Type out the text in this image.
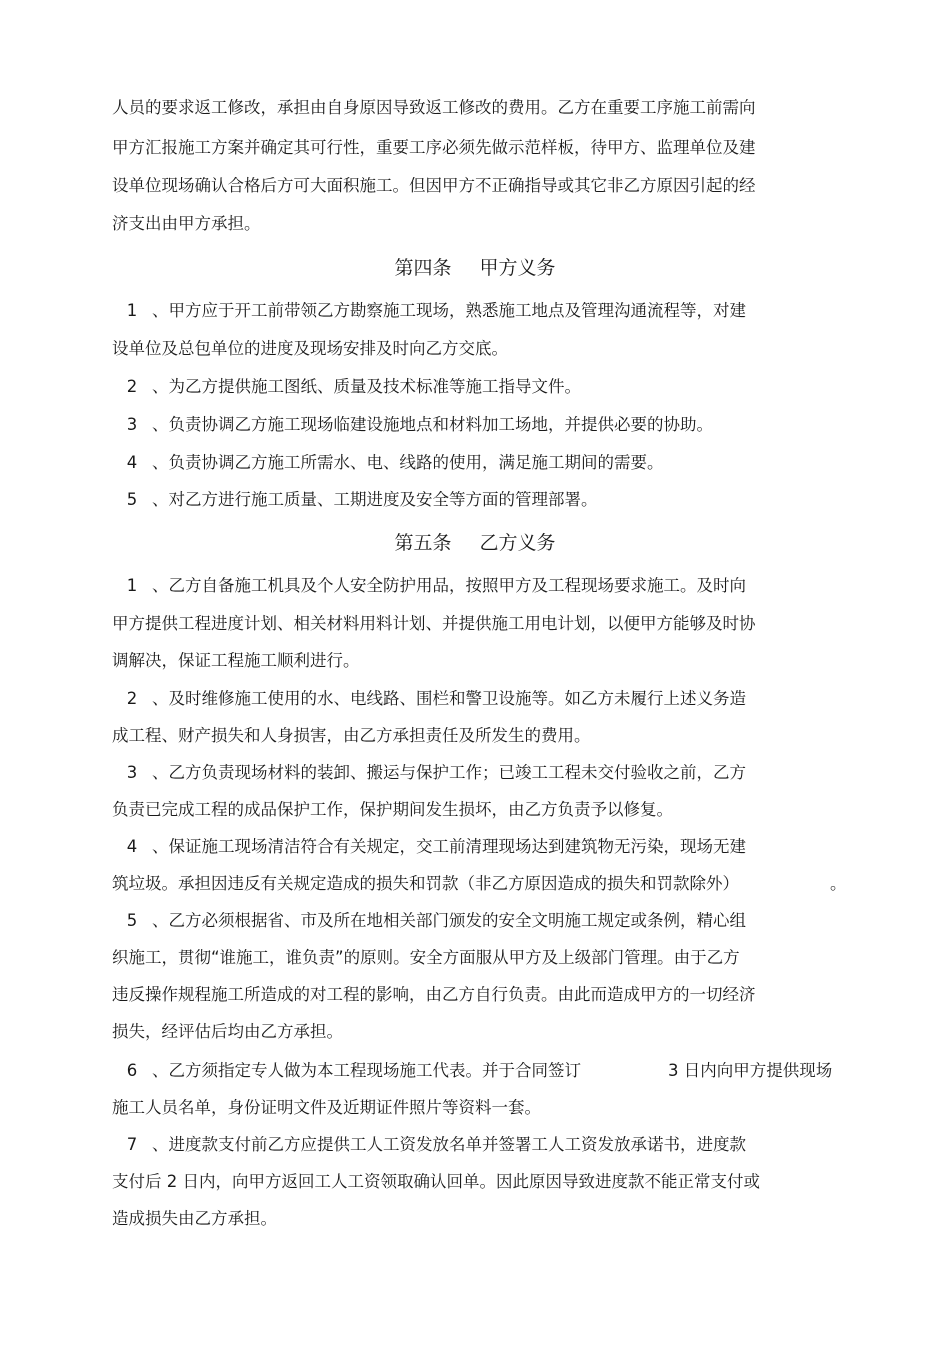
人员的要求返工修改，承担由自身原因导致返工修改的费用。乙方在重要工序施工前需向
甲方汇报施工方案并确定其可行性，重要工序必须先做示范样板，待甲方、监理单位及建
设单位现场确认合格后方可大面积施工。但因甲方不正确指导或其它非乙方原因引起的经
济支出由甲方承担。
第四条 甲方义务
1 、甲方应于开工前带领乙方勘察施工现场，熟悉施工地点及管理沟通流程等，对建
设单位及总包单位的进度及现场安排及时向乙方交底。
2 、为乙方提供施工图纸、质量及技术标准等施工指导文件。
3 、负责协调乙方施工现场临建设施地点和材料加工场地，并提供必要的协助。
4 、负责协调乙方施工所需水、电、线路的使用，满足施工期间的需要。
5 、对乙方进行施工质量、工期进度及安全等方面的管理部署。
第五条 乙方义务
1 、乙方自备施工机具及个人安全防护用品，按照甲方及工程现场要求施工。及时向
甲方提供工程进度计划、相关材料用料计划、并提供施工用电计划，以便甲方能够及时协
调解决，保证工程施工顺利进行。
2 、及时维修施工使用的水、电线路、围栏和警卫设施等。如乙方未履行上述义务造
成工程、财产损失和人身损害，由乙方承担责任及所发生的费用。
3 、乙方负责现场材料的装卸、搬运与保护工作；已竣工工程未交付验收之前，乙方
负责已完成工程的成品保护工作，保护期间发生损坏，由乙方负责予以修复。
4 、保证施工现场清洁符合有关规定，交工前清理现场达到建筑物无污染，现场无建
筑垃圾。承担因违反有关规定造成的损失和罚款（非乙方原因造成的损失和罚款除外）	。
5 、乙方必须根据省、市及所在地相关部门颁发的安全文明施工规定或条例，精心组
织施工，贯彻“谁施工，谁负责”的原则。安全方面服从甲方及上级部门管理。由于乙方
违反操作规程施工所造成的对工程的影响，由乙方自行负责。由此而造成甲方的一切经济
损失，经评估后均由乙方承担。
6 、乙方须指定专人做为本工程现场施工代表。并于合同签订	3 日内向甲方提供现场
施工人员名单，身份证明文件及近期证件照片等资料一套。
7 、进度款支付前乙方应提供工人工资发放名单并签署工人工资发放承诺书，进度款
支付后 2 日内，向甲方返回工人工资领取确认回单。因此原因导致进度款不能正常支付或
造成损失由乙方承担。
